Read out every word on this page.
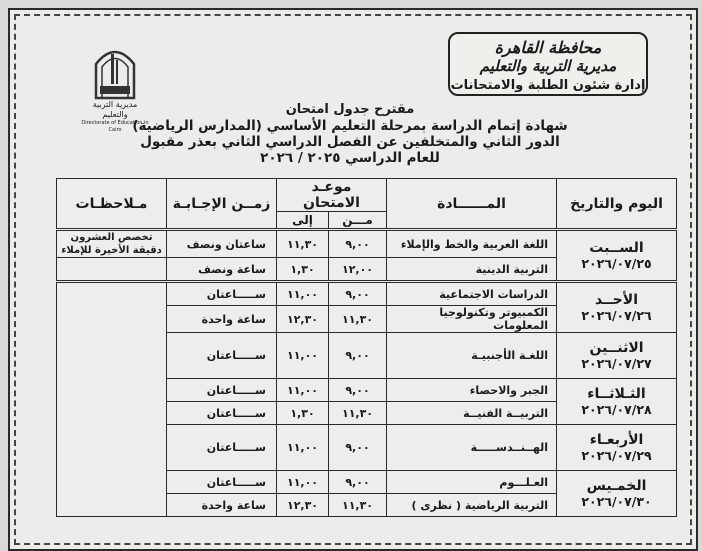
محافظة القاهرة
مديرية التربية والتعليم
إدارة شئون الطلبة والامتحانات
مديرية التربية والتعليم
Directorate of Education in Cairo
مقترح جدول امتحان
شهادة إتمام الدراسة بمرحلة التعليم الأساسي (المدارس الرياضية)
الدور الثاني والمتخلفين عن الفصل الدراسي الثاني بعذر مقبول
للعام الدراسي ٢٠٢٥ / ٢٠٢٦
اليوم والتاريخ	المــــــادة	موعـد الامتحان		زمــن الإجـابـة	مـلاحظـات
		مـــن	إلى		

الســبت
٢٠٢٦/٠٧/٢٥	اللغة العربية والخط والإملاء	٩,٠٠	١١,٣٠	ساعتان ونصف	تخصص العشرون دقيقة الأخيرة للإملاء
	التربية الدينية	١٢,٠٠	١,٣٠	ساعة ونصف	

الأحــد
٢٠٢٦/٠٧/٢٦	الدراسات الاجتماعية	٩,٠٠	١١,٠٠	ســـــاعتان	
	الكمبيوتر وتكنولوجيا المعلومات	١١,٣٠	١٢,٣٠	ساعة واحدة	

الاثنــين
٢٠٢٦/٠٧/٢٧	اللغـة الأجنبيـة	٩,٠٠	١١,٠٠	ســـــاعتان	

الثـلاثــاء
٢٠٢٦/٠٧/٢٨	الجبر والاحصاء	٩,٠٠	١١,٠٠	ســـــاعتان	
	التربيــة الفنيــة	١١,٣٠	١,٣٠	ســـــاعتان	

الأربعـاء
٢٠٢٦/٠٧/٢٩	الهــنــدســـــة	٩,٠٠	١١,٠٠	ســـــاعتان	

الخمـيس
٢٠٢٦/٠٧/٣٠	العـلـــوم	٩,٠٠	١١,٠٠	ســـــاعتان	
	التربية الرياضية ( نظرى )	١١,٣٠	١٢,٣٠	ساعة واحدة	
